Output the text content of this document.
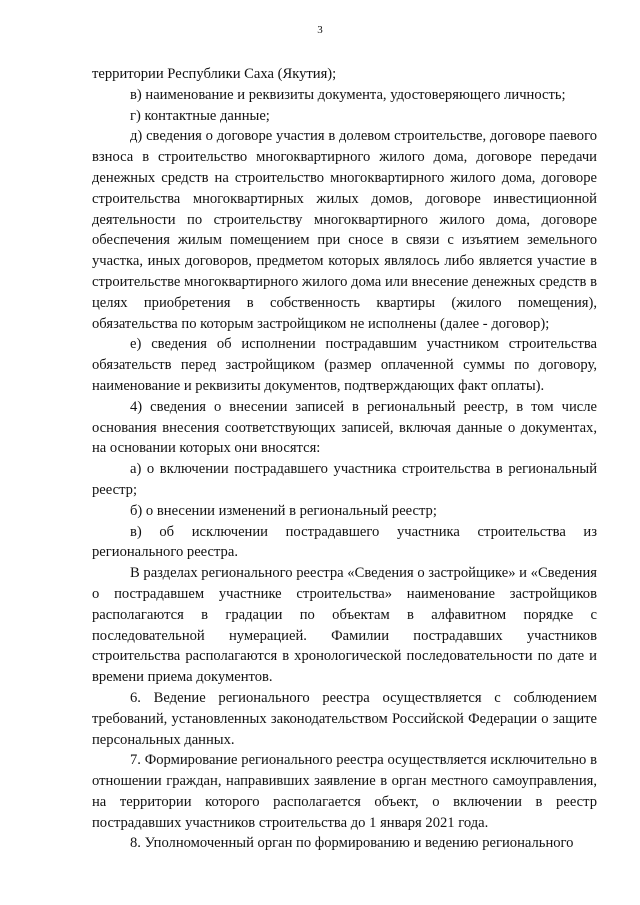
3

территории Республики Саха (Якутия);

в) наименование и реквизиты документа, удостоверяющего личность;

г) контактные данные;

д) сведения о договоре участия в долевом строительстве, договоре паевого взноса в строительство многоквартирного жилого дома, договоре передачи денежных средств на строительство многоквартирного жилого дома, договоре строительства многоквартирных жилых домов, договоре инвестиционной деятельности по строительству многоквартирного жилого дома, договоре обеспечения жилым помещением при сносе в связи с изъятием земельного участка, иных договоров, предметом которых являлось либо является участие в строительстве многоквартирного жилого дома или внесение денежных средств в целях приобретения в собственность квартиры (жилого помещения), обязательства по которым застройщиком не исполнены (далее - договор);

е) сведения об исполнении пострадавшим участником строительства обязательств перед застройщиком (размер оплаченной суммы по договору, наименование и реквизиты документов, подтверждающих факт оплаты).

4) сведения о внесении записей в региональный реестр, в том числе основания внесения соответствующих записей, включая данные о документах, на основании которых они вносятся:

а) о включении пострадавшего участника строительства в региональный реестр;

б) о внесении изменений в региональный реестр;

в) об исключении пострадавшего участника строительства из регионального реестра.

В разделах регионального реестра «Сведения о застройщике» и «Сведения о пострадавшем участнике строительства» наименование застройщиков располагаются в градации по объектам в алфавитном порядке с последовательной нумерацией. Фамилии пострадавших участников строительства располагаются в хронологической последовательности по дате и времени приема документов.

6. Ведение регионального реестра осуществляется с соблюдением требований, установленных законодательством Российской Федерации о защите персональных данных.

7. Формирование регионального реестра осуществляется исключительно в отношении граждан, направивших заявление в орган местного самоуправления, на территории которого располагается объект, о включении в реестр пострадавших участников строительства до 1 января 2021 года.

8. Уполномоченный орган по формированию и ведению регионального
